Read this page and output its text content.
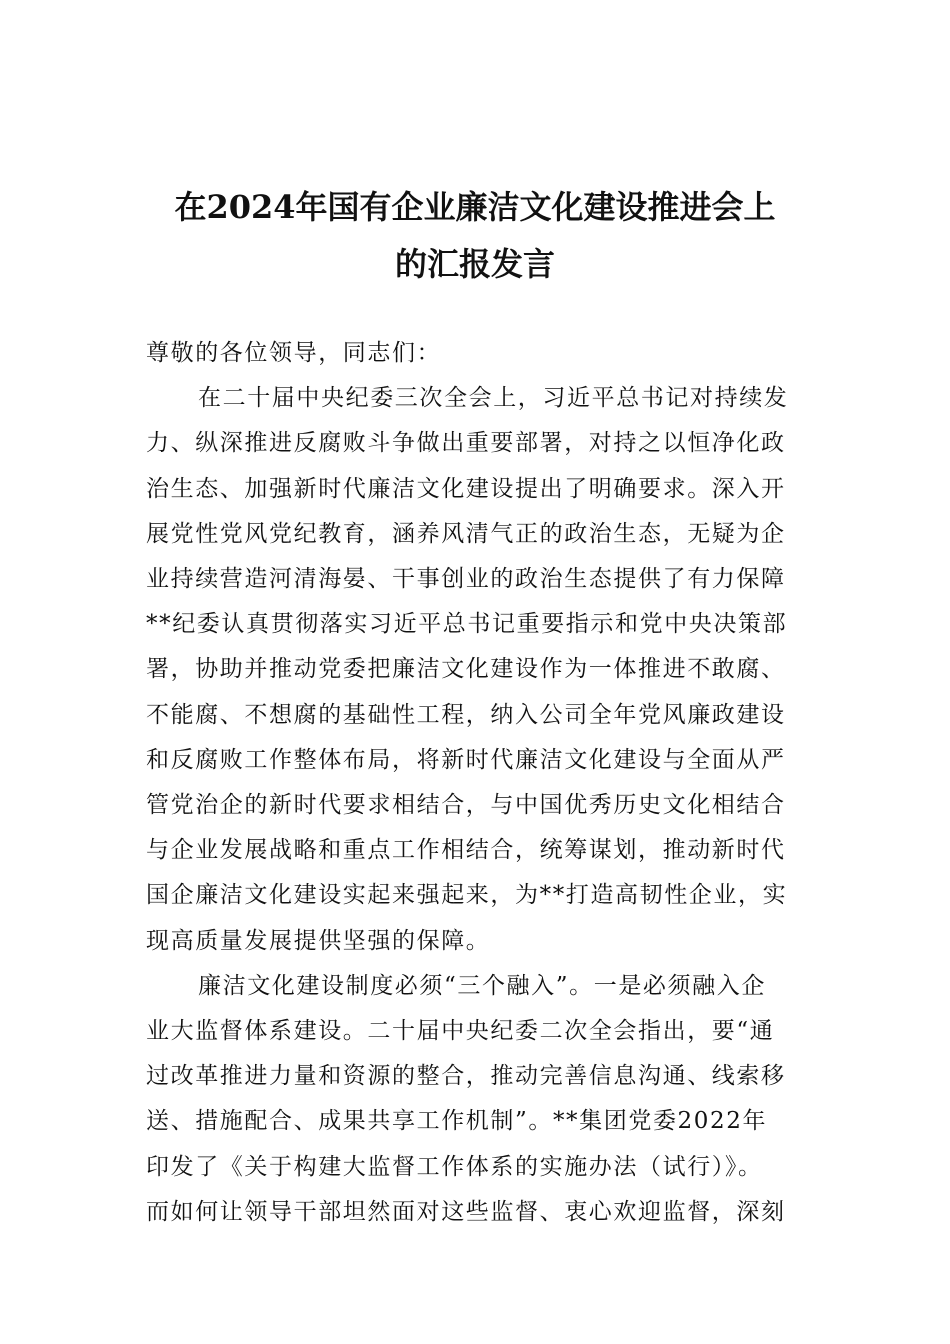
在2024年国有企业廉洁文化建设推进会上
的汇报发言

尊敬的各位领导，同志们：

在二十届中央纪委三次全会上，习近平总书记对持续发
力、纵深推进反腐败斗争做出重要部署，对持之以恒净化政
治生态、加强新时代廉洁文化建设提出了明确要求。深入开
展党性党风党纪教育，涵养风清气正的政治生态，无疑为企
业持续营造河清海晏、干事创业的政治生态提供了有力保障
**纪委认真贯彻落实习近平总书记重要指示和党中央决策部
署，协助并推动党委把廉洁文化建设作为一体推进不敢腐、
不能腐、不想腐的基础性工程，纳入公司全年党风廉政建设
和反腐败工作整体布局，将新时代廉洁文化建设与全面从严
管党治企的新时代要求相结合，与中国优秀历史文化相结合
与企业发展战略和重点工作相结合，统筹谋划，推动新时代
国企廉洁文化建设实起来强起来，为**打造高韧性企业，实
现高质量发展提供坚强的保障。

廉洁文化建设制度必须“三个融入”。一是必须融入企
业大监督体系建设。二十届中央纪委二次全会指出，要“通
过改革推进力量和资源的整合，推动完善信息沟通、线索移
送、措施配合、成果共享工作机制”。**集团党委2022年
印发了《关于构建大监督工作体系的实施办法（试行）》。
而如何让领导干部坦然面对这些监督、衷心欢迎监督，深刻
